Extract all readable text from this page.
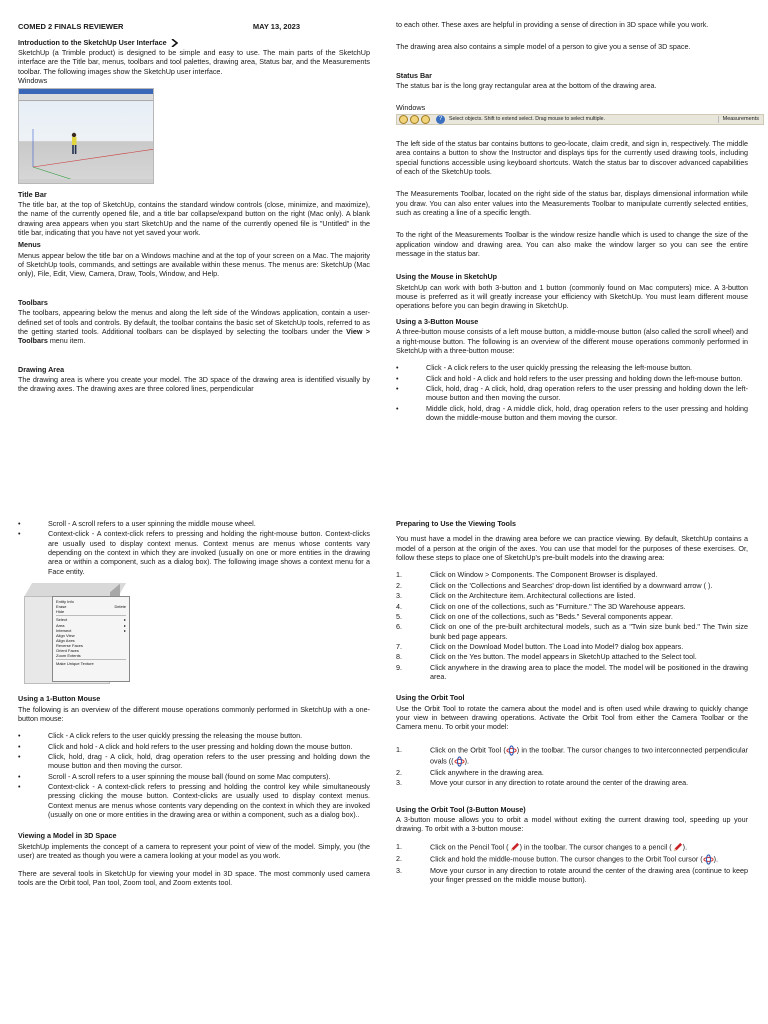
COMED 2 FINALS REVIEWER	MAY 13, 2023
Introduction to the SketchUp User Interface

SketchUp (a Trimble product) is designed to be simple and easy to use. The main parts of the SketchUp interface are the Title bar, menus, toolbars and tool palettes, drawing area, Status bar, and the Measurements toolbar. The following images show the SketchUp user interface.

Windows
Title Bar

The title bar, at the top of SketchUp, contains the standard window controls (close, minimize, and maximize), the name of the currently opened file, and a title bar collapse/expand button on the right (Mac only). A blank drawing area appears when you start SketchUp and the name of the currently opened file is "Untitled" in the title bar, indicating that you have not yet saved your work.

Menus

Menus appear below the title bar on a Windows machine and at the top of your screen on a Mac. The majority of SketchUp tools, commands, and settings are available within these menus. The menus are: SketchUp (Mac only), File, Edit, View, Camera, Draw, Tools, Window, and Help.

Toolbars

The toolbars, appearing below the menus and along the left side of the Windows application, contain a user-defined set of tools and controls. By default, the toolbar contains the basic set of SketchUp tools, referred to as the getting started tools. Additional toolbars can be displayed by selecting the toolbars under the View > Toolbars menu item.

Drawing Area

The drawing area is where you create your model. The 3D space of the drawing area is identified visually by the drawing axes. The drawing axes are three colored lines, perpendicular

to each other. These axes are helpful in providing a sense of direction in 3D space while you work.

The drawing area also contains a simple model of a person to give you a sense of 3D space.

Status Bar

The status bar is the long gray rectangular area at the bottom of the drawing area.

Windows
?	Select objects. Shift to extend select. Drag mouse to select multiple.	Measurements

The left side of the status bar contains buttons to geo-locate, claim credit, and sign in, respectively. The middle area contains a button to show the Instructor and displays tips for the currently used drawing tools, including special functions accessible using keyboard shortcuts. Watch the status bar to discover advanced capabilities of each of the SketchUp tools.

The Measurements Toolbar, located on the right side of the status bar, displays dimensional information while you draw. You can also enter values into the Measurements Toolbar to manipulate currently selected entities, such as creating a line of a specific length.

To the right of the Measurements Toolbar is the window resize handle which is used to change the size of the application window and drawing area. You can also make the window larger so you can see the entire message in the status bar.

Using the Mouse in SketchUp

SketchUp can work with both 3-button and 1 button (commonly found on Mac computers) mice. A 3-button mouse is preferred as it will greatly increase your efficiency with SketchUp. You must learn different mouse operations before you can begin drawing in SketchUp.

Using a 3-Button Mouse

A three-button mouse consists of a left mouse button, a middle-mouse button (also called the scroll wheel) and a right-mouse button. The following is an overview of the different mouse operations commonly performed in SketchUp with a three-button mouse:

•	Click - A click refers to the user quickly pressing the releasing the left-mouse button.
•	Click and hold - A click and hold refers to the user pressing and holding down the left-mouse button.
•	Click, hold, drag - A click, hold, drag operation refers to the user pressing and holding down the left-mouse button and then moving the cursor.
•	Middle click, hold, drag - A middle click, hold, drag operation refers to the user pressing and holding down the middle-mouse button and them moving the cursor.
•	Scroll - A scroll refers to a user spinning the middle mouse wheel.
•	Context-click - A context-click refers to pressing and holding the right-mouse button. Context-clicks are usually used to display context menus. Context menus are menus whose contents vary depending on the context in which they are invoked (usually on one or more entities in the drawing area or within a component, such as a dialog box). The following image shows a context menu for a Face entity.
Entity Info
Erase	Delete
Hide
Select	▸
Area	▸
Intersect	▸
Align View
Align Axes
Reverse Faces
Orient Faces
Zoom Extents
Make Unique Texture
Using a 1-Button Mouse

The following is an overview of the different mouse operations commonly performed in SketchUp with a one-button mouse:

•	Click - A click refers to the user quickly pressing the releasing the mouse button.
•	Click and hold - A click and hold refers to the user pressing and holding down the mouse button.
•	Click, hold, drag - A click, hold, drag operation refers to the user pressing and holding down the mouse button and then moving the cursor.
•	Scroll - A scroll refers to a user spinning the mouse ball (found on some Mac computers).
•	Context-click - A context-click refers to pressing and holding the control key while simultaneously pressing clicking the mouse button. Context-clicks are usually used to display context menus. Context menus are menus whose contents vary depending on the context in which they are invoked (usually on one or more entities in the drawing area or within a component, such as a dialog box)..
Viewing a Model in 3D Space

SketchUp implements the concept of a camera to represent your point of view of the model. Simply, you (the user) are treated as though you were a camera looking at your model as you work.

There are several tools in SketchUp for viewing your model in 3D space. The most commonly used camera tools are the Orbit tool, Pan tool, Zoom tool, and Zoom extents tool.

Preparing to Use the Viewing Tools

You must have a model in the drawing area before we can practice viewing. By default, SketchUp contains a model of a person at the origin of the axes. You can use that model for the purposes of these exercises. Or, follow these steps to place one of SketchUp's pre-built models into the drawing area:

1.	Click on Window > Components. The Component Browser is displayed.
2.	Click on the 'Collections and Searches' drop-down list identified by a downward arrow ( ).
3.	Click on the Architecture item. Architectural collections are listed.
4.	Click on one of the collections, such as "Furniture." The 3D Warehouse appears.
5.	Click on one of the collections, such as "Beds." Several components appear.
6.	Click on one of the pre-built architectural models, such as a "Twin size bunk bed." The Twin size bunk bed page appears.
7.	Click on the Download Model button. The Load into Model? dialog box appears.
8.	Click on the Yes button. The model appears in SketchUp attached to the Select tool.
9.	Click anywhere in the drawing area to place the model. The model will be positioned in the drawing area.
Using the Orbit Tool

Use the Orbit Tool to rotate the camera about the model and is often used while drawing to quickly change your view in between drawing operations. Activate the Orbit Tool from either the Camera Toolbar or the Camera menu. To orbit your model:

1.	Click on the Orbit Tool ( ) in the toolbar. The cursor changes to two interconnected perpendicular ovals (( ).
2.	Click anywhere in the drawing area.
3.	Move your cursor in any direction to rotate around the center of the drawing area.
Using the Orbit Tool (3-Button Mouse)

A 3-button mouse allows you to orbit a model without exiting the current drawing tool, speeding up your drawing. To orbit with a 3-button mouse:

1.	Click on the Pencil Tool ( ) in the toolbar. The cursor changes to a pencil ( ).
2.	Click and hold the middle-mouse button. The cursor changes to the Orbit Tool cursor ( ).
3.	Move your cursor in any direction to rotate around the center of the drawing area (continue to keep your finger pressed on the middle mouse button).
